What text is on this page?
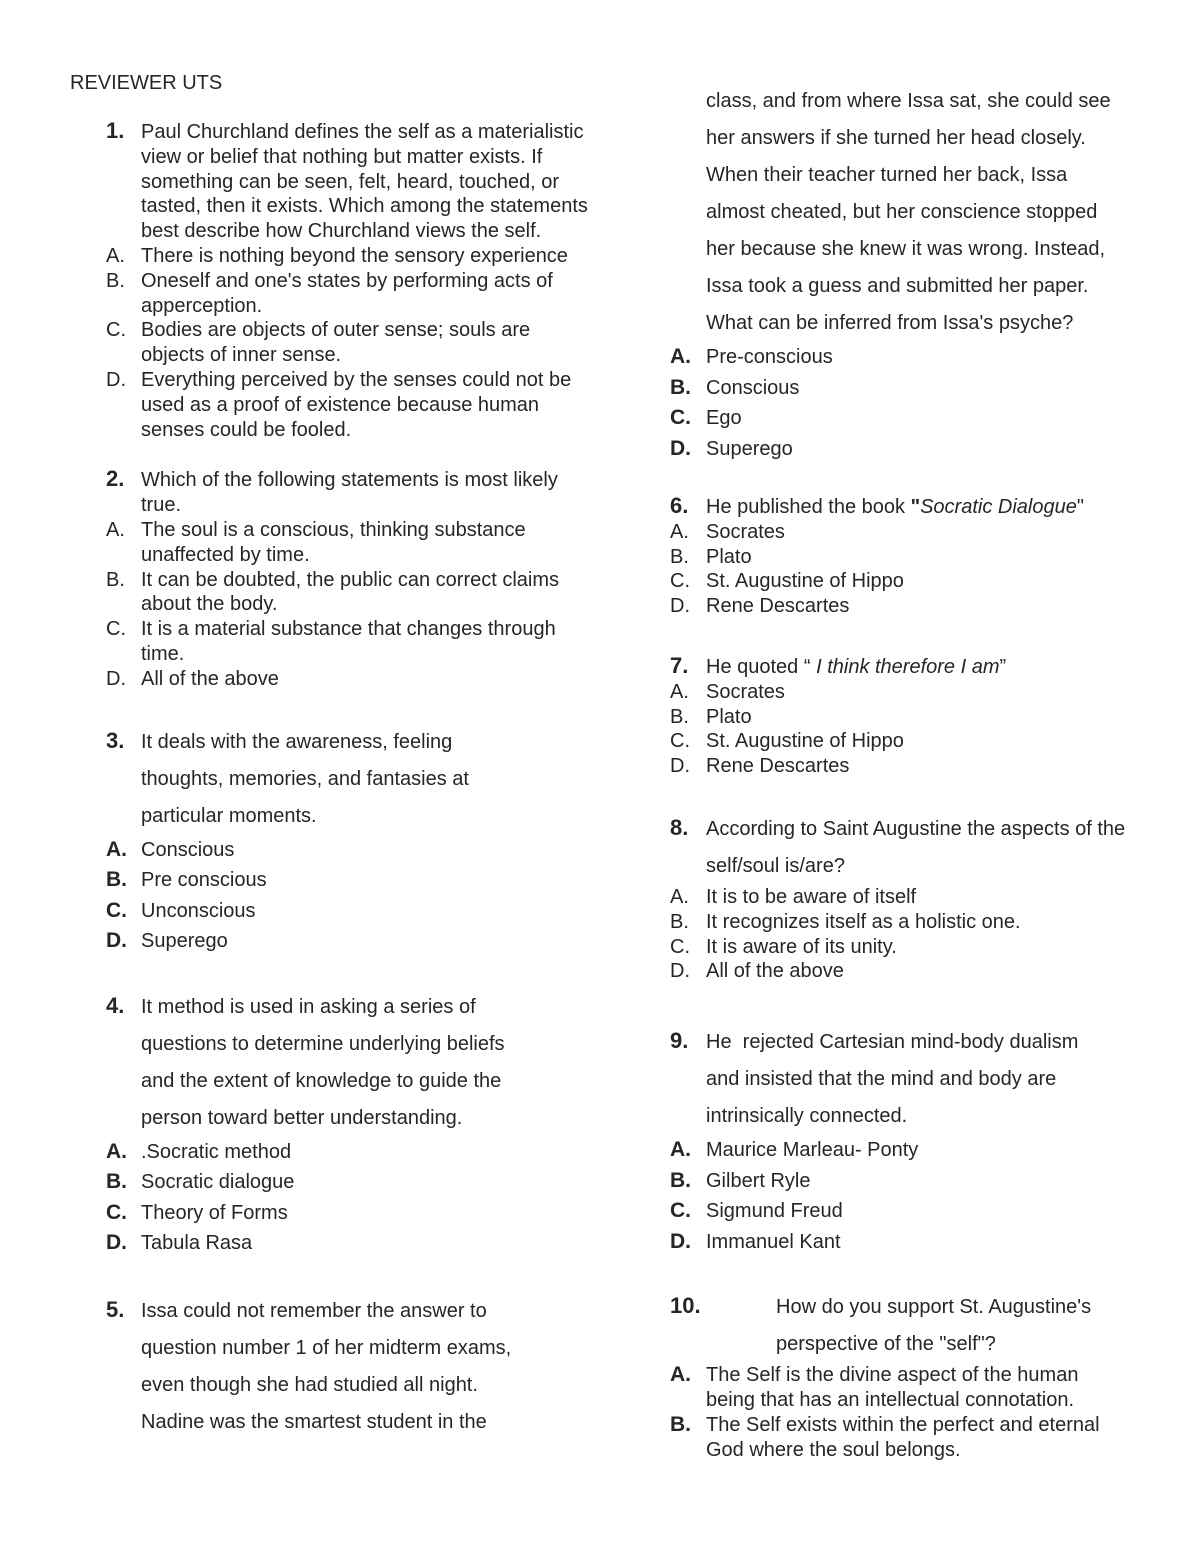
REVIEWER UTS
1. Paul Churchland defines the self as a materialistic view or belief that nothing but matter exists. If something can be seen, felt, heard, touched, or tasted, then it exists. Which among the statements best describe how Churchland views the self.
A. There is nothing beyond the sensory experience
B. Oneself and one's states by performing acts of apperception.
C. Bodies are objects of outer sense; souls are objects of inner sense.
D. Everything perceived by the senses could not be used as a proof of existence because human senses could be fooled.
2. Which of the following statements is most likely true.
A. The soul is a conscious, thinking substance unaffected by time.
B. It can be doubted, the public can correct claims about the body.
C. It is a material substance that changes through time.
D. All of the above
3. It deals with the awareness, feeling thoughts, memories, and fantasies at particular moments.
A. Conscious
B. Pre conscious
C. Unconscious
D. Superego
4. It method is used in asking a series of questions to determine underlying beliefs and the extent of knowledge to guide the person toward better understanding.
A. .Socratic method
B. Socratic dialogue
C. Theory of Forms
D. Tabula Rasa
5. Issa could not remember the answer to question number 1 of her midterm exams, even though she had studied all night. Nadine was the smartest student in the
class, and from where Issa sat, she could see her answers if she turned her head closely. When their teacher turned her back, Issa almost cheated, but her conscience stopped her because she knew it was wrong. Instead, Issa took a guess and submitted her paper. What can be inferred from Issa's psyche?
A. Pre-conscious
B. Conscious
C. Ego
D. Superego
6. He published the book "Socratic Dialogue"
A. Socrates
B. Plato
C. St. Augustine of Hippo
D. Rene Descartes
7. He quoted “ I think therefore I am”
A. Socrates
B. Plato
C. St. Augustine of Hippo
D. Rene Descartes
8. According to Saint Augustine the aspects of the self/soul is/are?
A. It is to be aware of itself
B. It recognizes itself as a holistic one.
C. It is aware of its unity.
D. All of the above
9. He  rejected Cartesian mind-body dualism and insisted that the mind and body are intrinsically connected.
A. Maurice Marleau- Ponty
B. Gilbert Ryle
C. Sigmund Freud
D. Immanuel Kant
10.	How do you support St. Augustine's perspective of the "self"?
A. The Self is the divine aspect of the human being that has an intellectual connotation.
B. The Self exists within the perfect and eternal God where the soul belongs.
